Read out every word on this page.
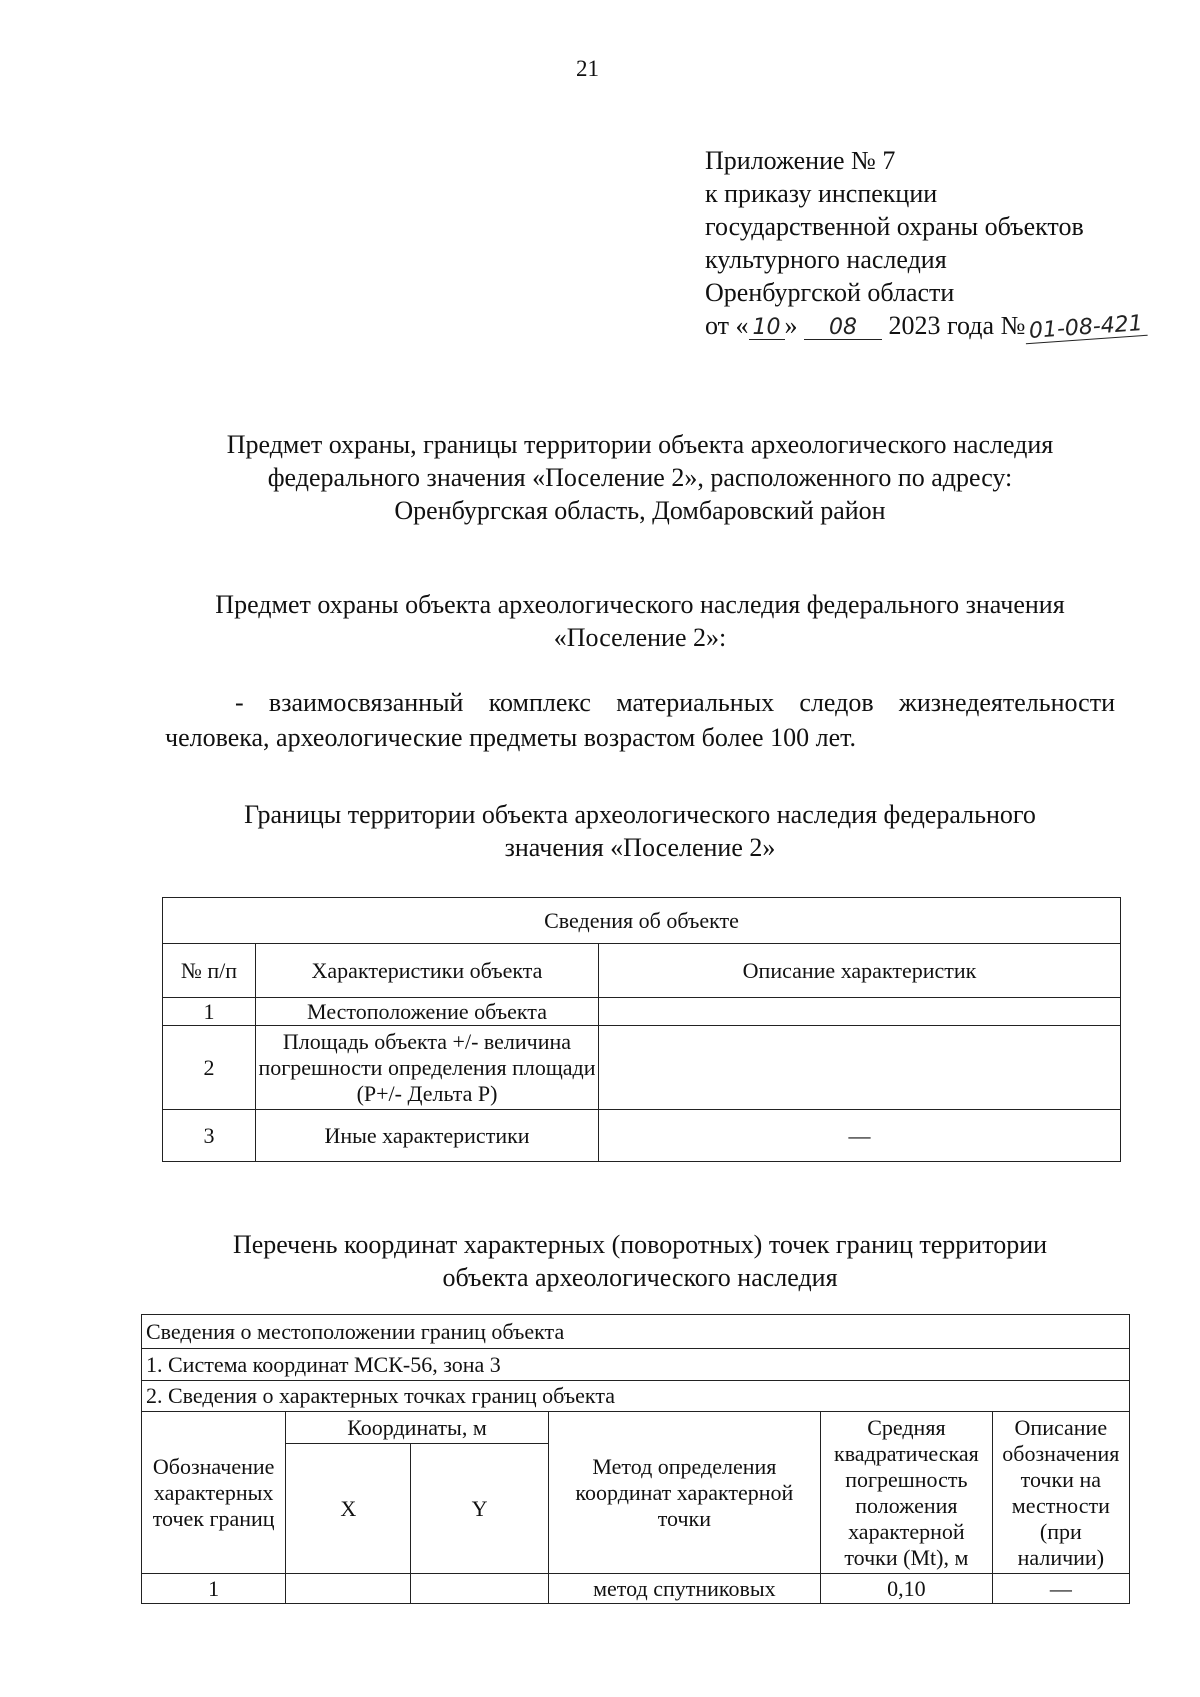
21
Приложение № 7
к приказу инспекции
государственной охраны объектов
культурного наследия
Оренбургской области
от « 10 » 08 2023 года № 01-08-421
Предмет охраны, границы территории объекта археологического наследия
федерального значения «Поселение 2», расположенного по адресу:
Оренбургская область, Домбаровский район
Предмет охраны объекта археологического наследия федерального значения
«Поселение 2»:
- взаимосвязанный комплекс материальных следов жизнедеятельности человека, археологические предметы возрастом более 100 лет.
Границы территории объекта археологического наследия федерального
значения «Поселение 2»
Сведения об объекте		
№ п/п	Характеристики объекта	Описание характеристик
1	Местоположение объекта	
2	Площадь объекта +/- величина погрешности определения площади (Р+/- Дельта Р)	
3	Иные характеристики	—
Перечень координат характерных (поворотных) точек границ территории
объекта археологического наследия
Сведения о местоположении границ объекта					
1. Система координат МСК-56, зона 3					
2. Сведения о характерных точках границ объекта					
Обозначение характерных точек границ	Координаты, м		Метод определения координат характерной точки	Средняя квадратическая погрешность положения характерной точки (Mt), м	Описание обозначения точки на местности (при наличии)
	X	Y			
1			метод спутниковых	0,10	—
